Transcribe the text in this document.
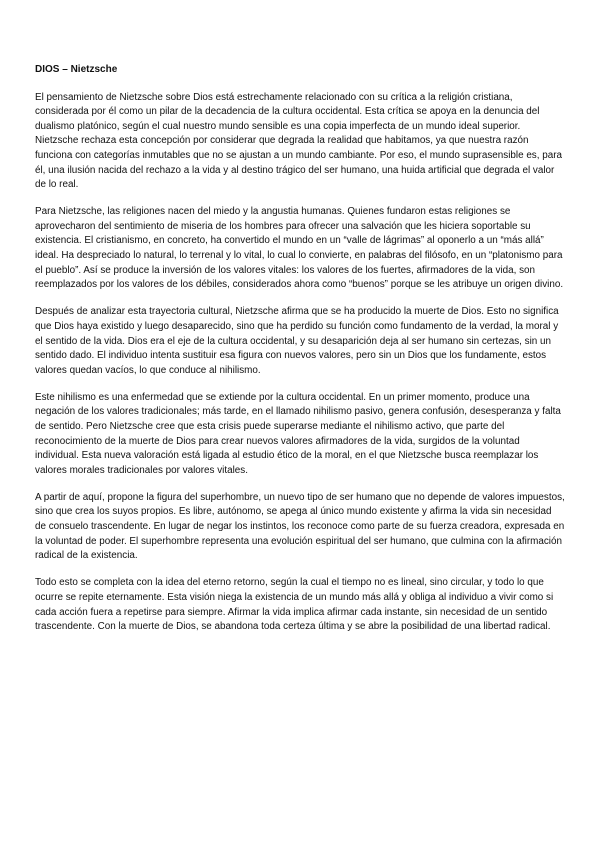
DIOS – Nietzsche

El pensamiento de Nietzsche sobre Dios está estrechamente relacionado con su crítica a la religión cristiana, considerada por él como un pilar de la decadencia de la cultura occidental. Esta crítica se apoya en la denuncia del dualismo platónico, según el cual nuestro mundo sensible es una copia imperfecta de un mundo ideal superior. Nietzsche rechaza esta concepción por considerar que degrada la realidad que habitamos, ya que nuestra razón funciona con categorías inmutables que no se ajustan a un mundo cambiante. Por eso, el mundo suprasensible es, para él, una ilusión nacida del rechazo a la vida y al destino trágico del ser humano, una huida artificial que degrada el valor de lo real.

Para Nietzsche, las religiones nacen del miedo y la angustia humanas. Quienes fundaron estas religiones se aprovecharon del sentimiento de miseria de los hombres para ofrecer una salvación que les hiciera soportable su existencia. El cristianismo, en concreto, ha convertido el mundo en un “valle de lágrimas” al oponerlo a un “más allá” ideal. Ha despreciado lo natural, lo terrenal y lo vital, lo cual lo convierte, en palabras del filósofo, en un “platonismo para el pueblo”. Así se produce la inversión de los valores vitales: los valores de los fuertes, afirmadores de la vida, son reemplazados por los valores de los débiles, considerados ahora como “buenos” porque se les atribuye un origen divino.

Después de analizar esta trayectoria cultural, Nietzsche afirma que se ha producido la muerte de Dios. Esto no significa que Dios haya existido y luego desaparecido, sino que ha perdido su función como fundamento de la verdad, la moral y el sentido de la vida. Dios era el eje de la cultura occidental, y su desaparición deja al ser humano sin certezas, sin un sentido dado. El individuo intenta sustituir esa figura con nuevos valores, pero sin un Dios que los fundamente, estos valores quedan vacíos, lo que conduce al nihilismo.

Este nihilismo es una enfermedad que se extiende por la cultura occidental. En un primer momento, produce una negación de los valores tradicionales; más tarde, en el llamado nihilismo pasivo, genera confusión, desesperanza y falta de sentido. Pero Nietzsche cree que esta crisis puede superarse mediante el nihilismo activo, que parte del reconocimiento de la muerte de Dios para crear nuevos valores afirmadores de la vida, surgidos de la voluntad individual. Esta nueva valoración está ligada al estudio ético de la moral, en el que Nietzsche busca reemplazar los valores morales tradicionales por valores vitales.

A partir de aquí, propone la figura del superhombre, un nuevo tipo de ser humano que no depende de valores impuestos, sino que crea los suyos propios. Es libre, autónomo, se apega al único mundo existente y afirma la vida sin necesidad de consuelo trascendente. En lugar de negar los instintos, los reconoce como parte de su fuerza creadora, expresada en la voluntad de poder. El superhombre representa una evolución espiritual del ser humano, que culmina con la afirmación radical de la existencia.

Todo esto se completa con la idea del eterno retorno, según la cual el tiempo no es lineal, sino circular, y todo lo que ocurre se repite eternamente. Esta visión niega la existencia de un mundo más allá y obliga al individuo a vivir como si cada acción fuera a repetirse para siempre. Afirmar la vida implica afirmar cada instante, sin necesidad de un sentido trascendente. Con la muerte de Dios, se abandona toda certeza última y se abre la posibilidad de una libertad radical.
